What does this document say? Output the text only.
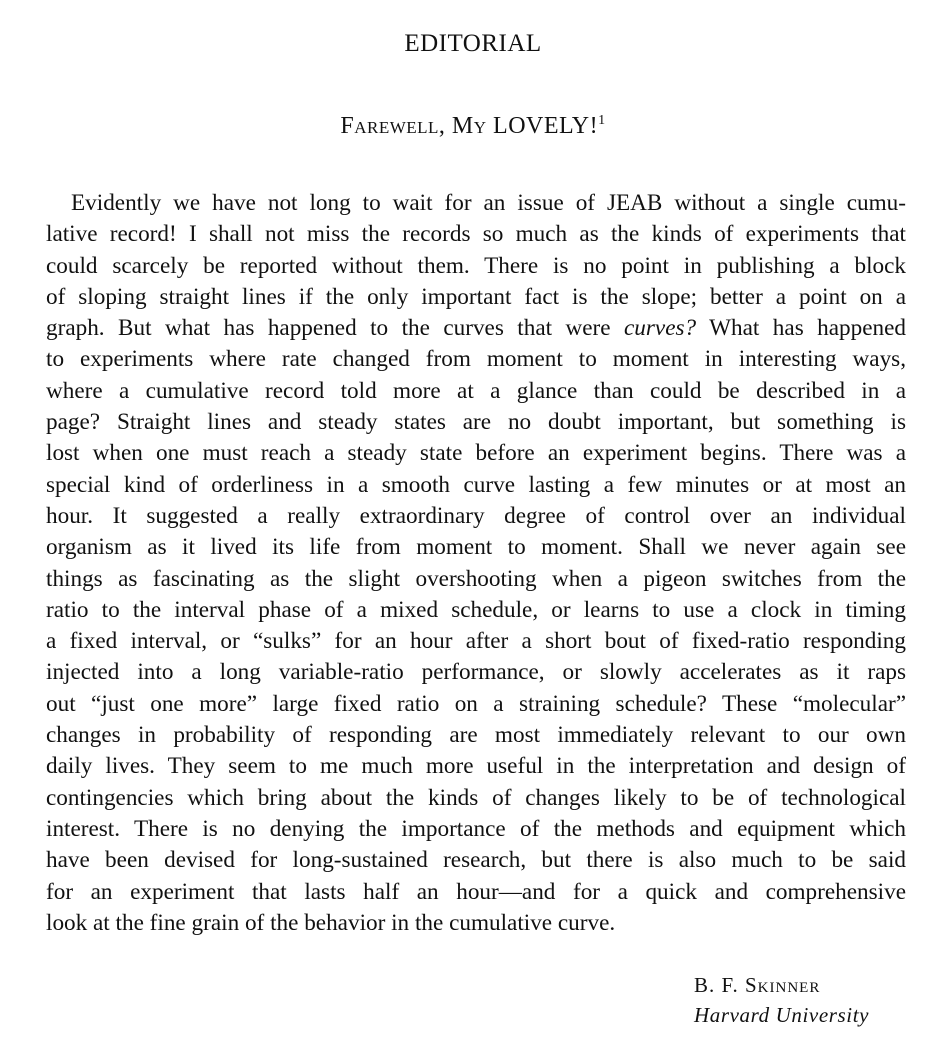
EDITORIAL
Farewell, My LOVELY!$^1$
Evidently we have not long to wait for an issue of JEAB without a single cumu-
lative record! I shall not miss the records so much as the kinds of experiments that
could scarcely be reported without them. There is no point in publishing a block
of sloping straight lines if the only important fact is the slope; better a point on a
graph. But what has happened to the curves that were curves? What has happened
to experiments where rate changed from moment to moment in interesting ways,
where a cumulative record told more at a glance than could be described in a
page? Straight lines and steady states are no doubt important, but something is
lost when one must reach a steady state before an experiment begins. There was a
special kind of orderliness in a smooth curve lasting a few minutes or at most an
hour. It suggested a really extraordinary degree of control over an individual
organism as it lived its life from moment to moment. Shall we never again see
things as fascinating as the slight overshooting when a pigeon switches from the
ratio to the interval phase of a mixed schedule, or learns to use a clock in timing
a fixed interval, or “sulks” for an hour after a short bout of fixed-ratio responding
injected into a long variable-ratio performance, or slowly accelerates as it raps
out “just one more” large fixed ratio on a straining schedule? These “molecular”
changes in probability of responding are most immediately relevant to our own
daily lives. They seem to me much more useful in the interpretation and design of
contingencies which bring about the kinds of changes likely to be of technological
interest. There is no denying the importance of the methods and equipment which
have been devised for long-sustained research, but there is also much to be said
for an experiment that lasts half an hour—and for a quick and comprehensive
look at the fine grain of the behavior in the cumulative curve.
B. F. Skinner
Harvard University
